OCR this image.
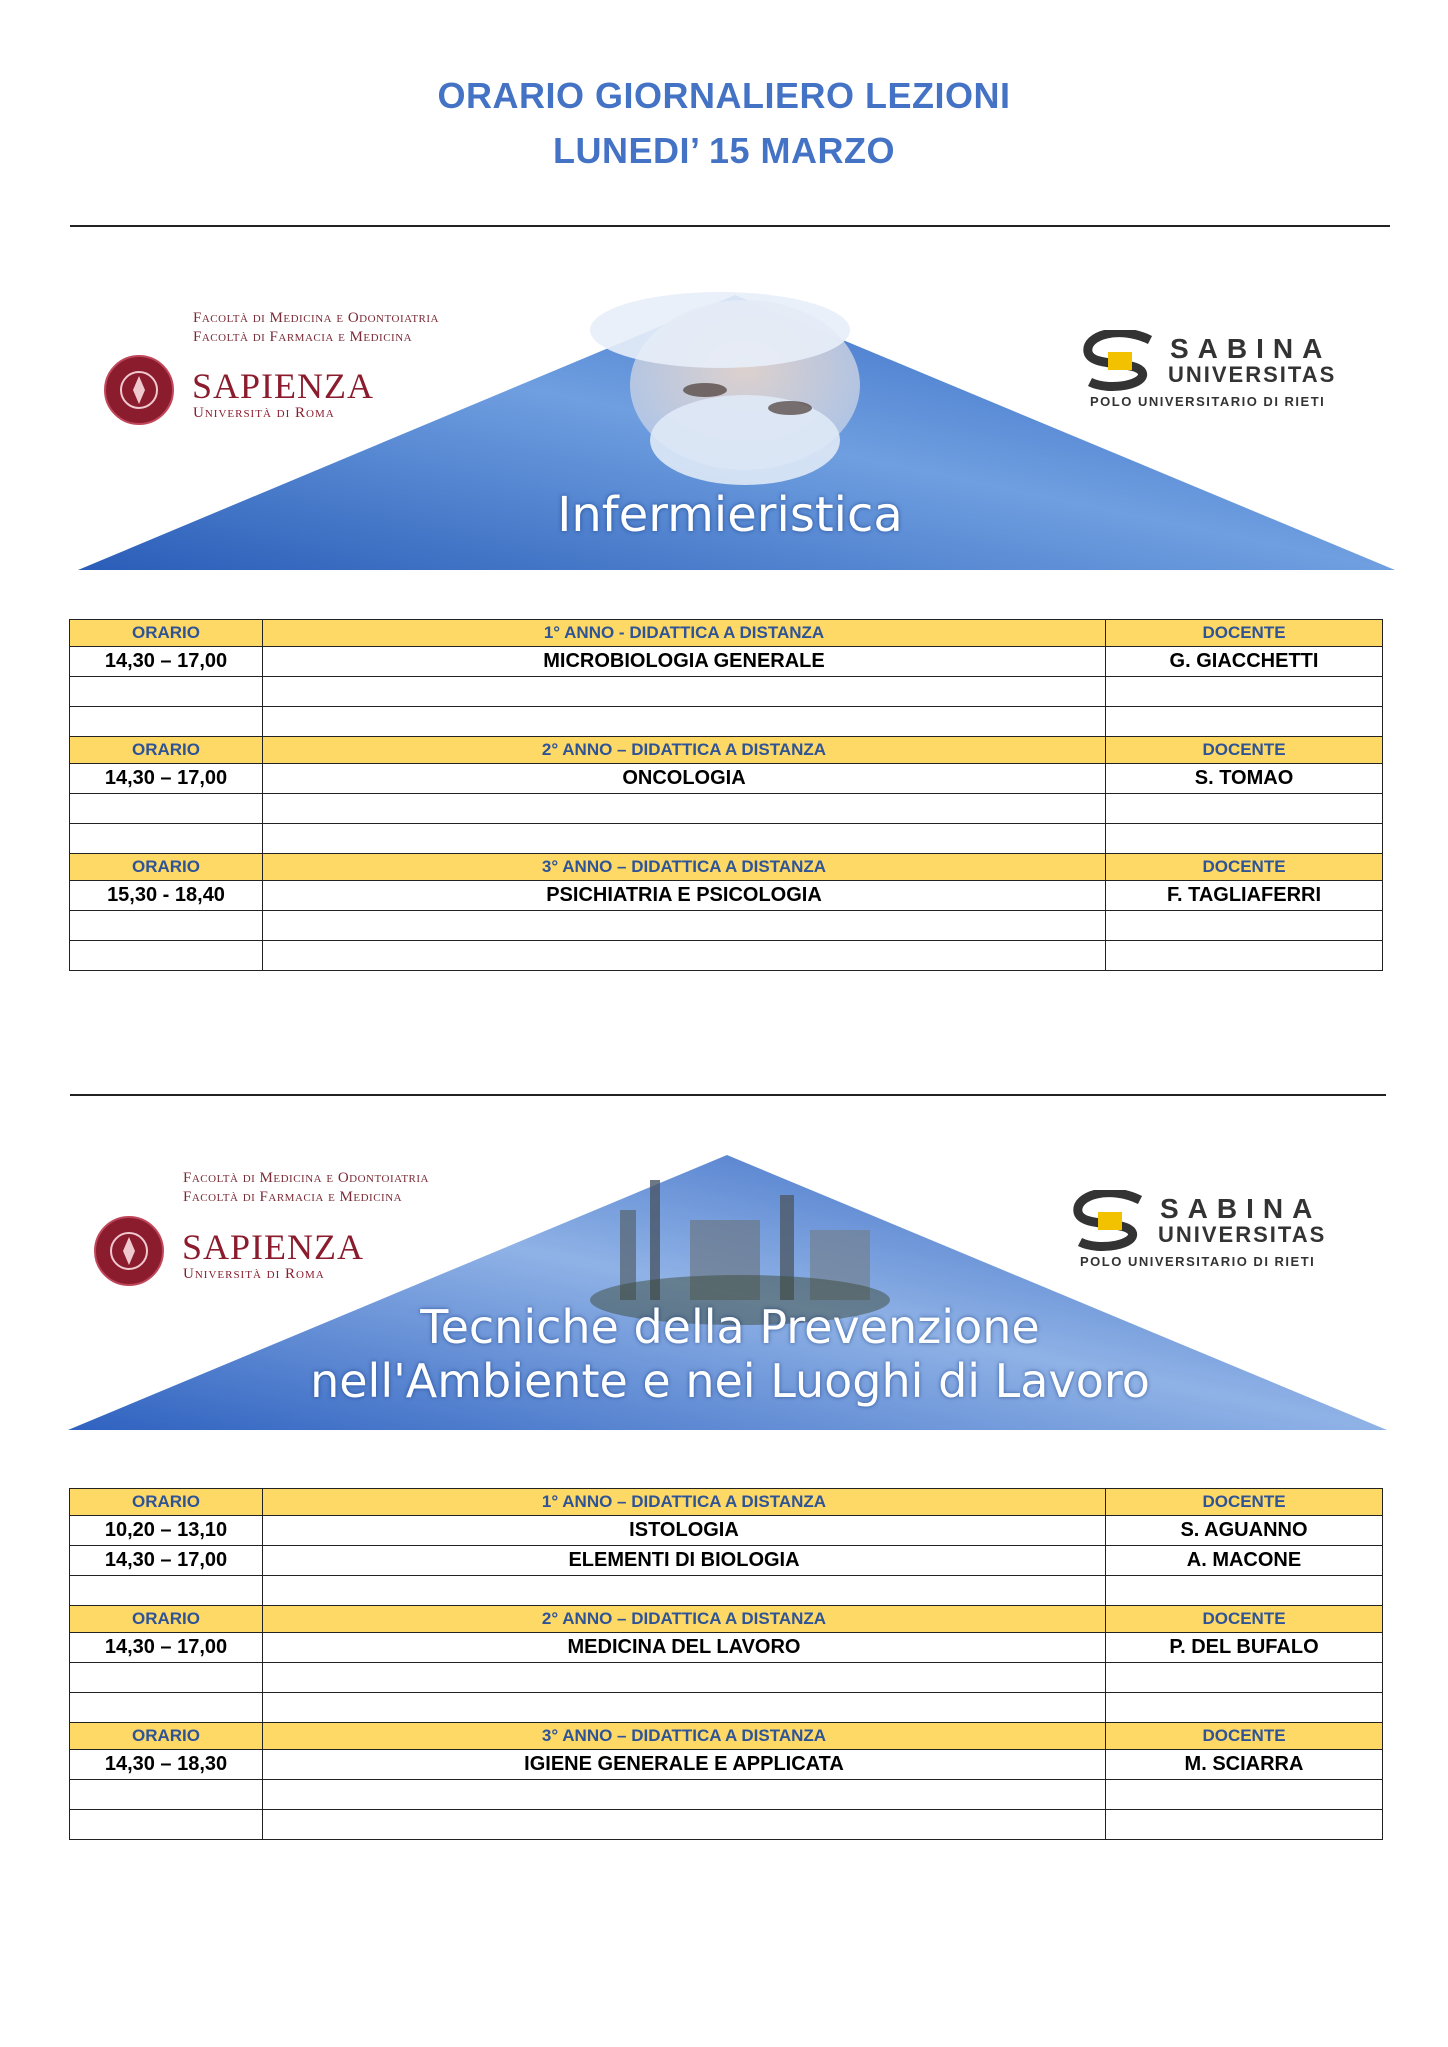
ORARIO GIORNALIERO LEZIONI
LUNEDI’ 15 MARZO
Facoltà di Medicina e Odontoiatria
Facoltà di Farmacia e Medicina
SAPIENZA
Università di Roma
SABINA
UNIVERSITAS
POLO UNIVERSITARIO DI RIETI
Infermieristica
ORARIO	1° ANNO - DIDATTICA A DISTANZA	DOCENTE
14,30 – 17,00	MICROBIOLOGIA GENERALE	G. GIACCHETTI

ORARIO	2° ANNO – DIDATTICA A DISTANZA	DOCENTE
14,30 – 17,00	ONCOLOGIA	S. TOMAO

ORARIO	3° ANNO – DIDATTICA A DISTANZA	DOCENTE
15,30 - 18,40	PSICHIATRIA E PSICOLOGIA	F. TAGLIAFERRI

Facoltà di Medicina e Odontoiatria
Facoltà di Farmacia e Medicina
SAPIENZA
Università di Roma
SABINA
UNIVERSITAS
POLO UNIVERSITARIO DI RIETI
Tecniche della Prevenzione
nell'Ambiente e nei Luoghi di Lavoro
ORARIO	1° ANNO – DIDATTICA A DISTANZA	DOCENTE
10,20 – 13,10	ISTOLOGIA	S. AGUANNO
14,30 – 17,00	ELEMENTI DI BIOLOGIA	A. MACONE

ORARIO	2° ANNO – DIDATTICA A DISTANZA	DOCENTE
14,30 – 17,00	MEDICINA DEL LAVORO	P. DEL BUFALO

ORARIO	3° ANNO – DIDATTICA A DISTANZA	DOCENTE
14,30 – 18,30	IGIENE GENERALE E APPLICATA	M. SCIARRA
